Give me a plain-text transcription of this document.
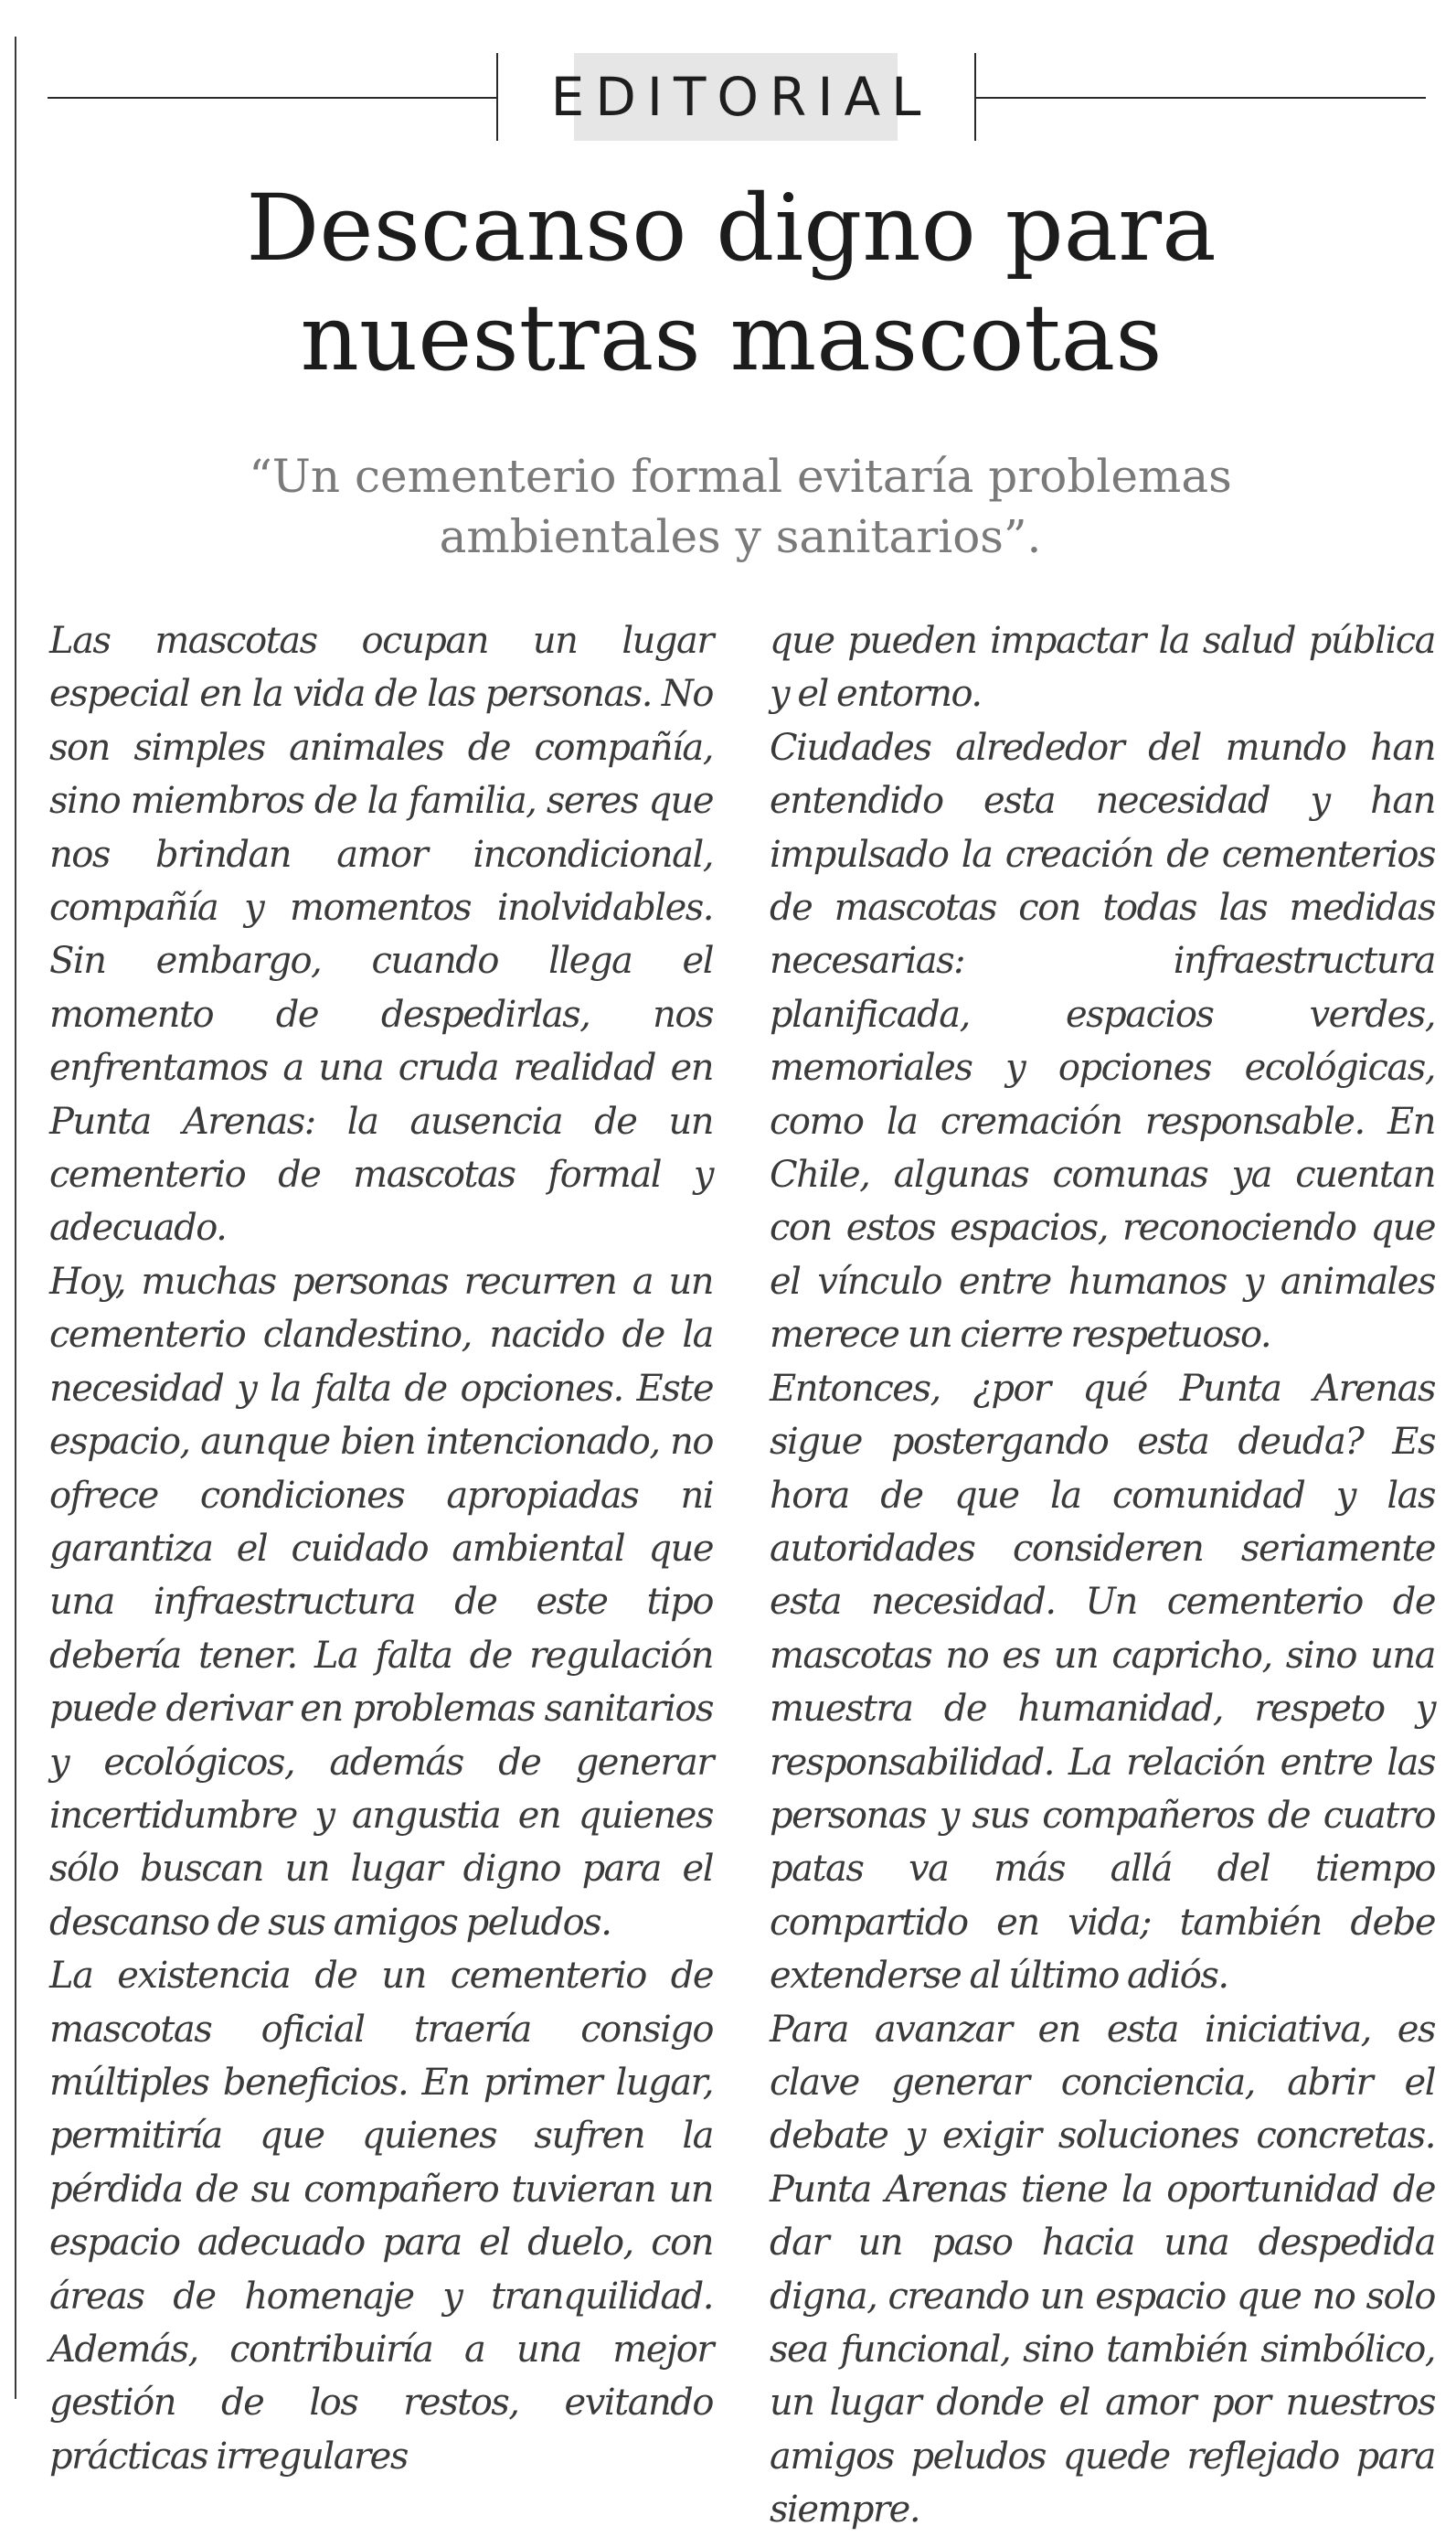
EDITORIAL
Descanso digno para nuestras mascotas

“Un cementerio formal evitaría problemas ambientales y sanitarios”.

Las mascotas ocupan un lugar especial en la vida de las personas. No son simples animales de compañía, sino miembros de la familia, seres que nos brindan amor incondicional, compañía y momentos inolvidables. Sin embargo, cuando llega el momento de despedirlas, nos enfrentamos a una cruda realidad en Punta Arenas: la ausencia de un cementerio de mascotas formal y adecuado.

Hoy, muchas personas recurren a un cementerio clandestino, nacido de la necesidad y la falta de opciones. Este espacio, aunque bien intencionado, no ofrece condiciones apropiadas ni garantiza el cuidado ambiental que una infraestructura de este tipo debería tener. La falta de regulación puede derivar en problemas sanitarios y ecológicos, además de generar incertidumbre y angustia en quienes sólo buscan un lugar digno para el descanso de sus amigos peludos.

La existencia de un cementerio de mascotas oficial traería consigo múltiples beneficios. En primer lugar, permitiría que quienes sufren la pérdida de su compañero tuvieran un espacio adecuado para el duelo, con áreas de homenaje y tranquilidad. Además, contribuiría a una mejor gestión de los restos, evitando prácticas irregulares

que pueden impactar la salud pública y el entorno.

Ciudades alrededor del mundo han entendido esta necesidad y han impulsado la creación de cementerios de mascotas con todas las medidas necesarias: infraestructura planificada, espacios verdes, memoriales y opciones ecológicas, como la cremación responsable. En Chile, algunas comunas ya cuentan con estos espacios, reconociendo que el vínculo entre humanos y animales merece un cierre respetuoso.

Entonces, ¿por qué Punta Arenas sigue postergando esta deuda? Es hora de que la comunidad y las autoridades consideren seriamente esta necesidad. Un cementerio de mascotas no es un capricho, sino una muestra de humanidad, respeto y responsabilidad. La relación entre las personas y sus compañeros de cuatro patas va más allá del tiempo compartido en vida; también debe extenderse al último adiós.

Para avanzar en esta iniciativa, es clave generar conciencia, abrir el debate y exigir soluciones concretas. Punta Arenas tiene la oportunidad de dar un paso hacia una despedida digna, creando un espacio que no solo sea funcional, sino también simbólico, un lugar donde el amor por nuestros amigos peludos quede reflejado para siempre.
